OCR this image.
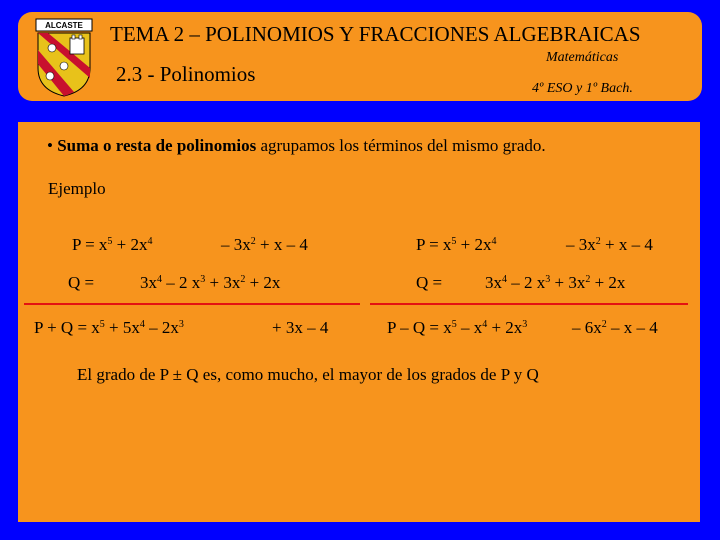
ALCASTE TEMA 2 – POLINOMIOS Y FRACCIONES ALGEBRAICAS
2.3 - Polinomios
Matemáticas
4º ESO y 1º Bach.
• Suma o resta de polinomios agrupamos los términos del mismo grado.
Ejemplo
$P = x^5 + 2x^4$	– $3x^2 + x - 4$
Q =	$3x^4 - 2$ $x^3 + 3x^2 + 2x$
$P + Q = x^5 + 5x^4 - 2x^3$	+ 3x – 4
$P = x^5 + 2x^4$	– $3x^2 + x - 4$
Q =	$3x^4 - 2$ $x^3 + 3x^2 + 2x$
$P - Q = x^5 - x^4 + 2x^3$	– $6x^2$ – x – 4
El grado de P ± Q es, como mucho, el mayor de los grados de P y Q
